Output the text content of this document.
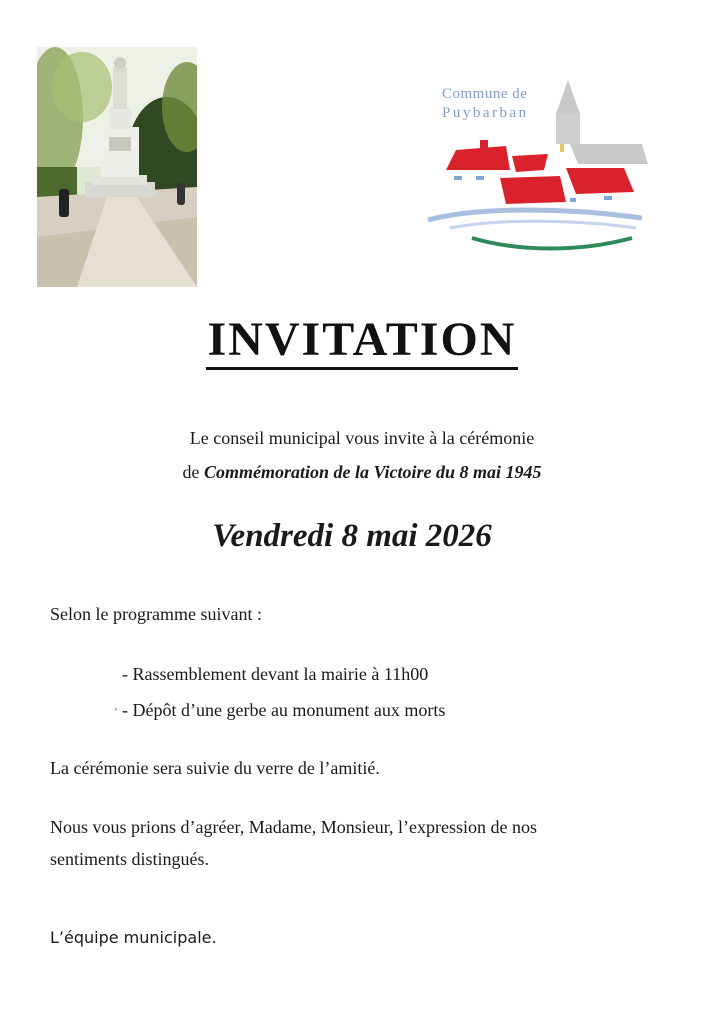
Commune de
Puybarban
INVITATION
Le conseil municipal vous invite à la cérémonie
de Commémoration de la Victoire du 8 mai 1945
Vendredi 8 mai 2026
Selon le programme suivant :
- Rassemblement devant la mairie à 11h00
- Dépôt d’une gerbe au monument aux morts
•
La cérémonie sera suivie du verre de l’amitié.
Nous vous prions d’agréer, Madame, Monsieur, l’expression de nos
sentiments distingués.
L’équipe municipale.
